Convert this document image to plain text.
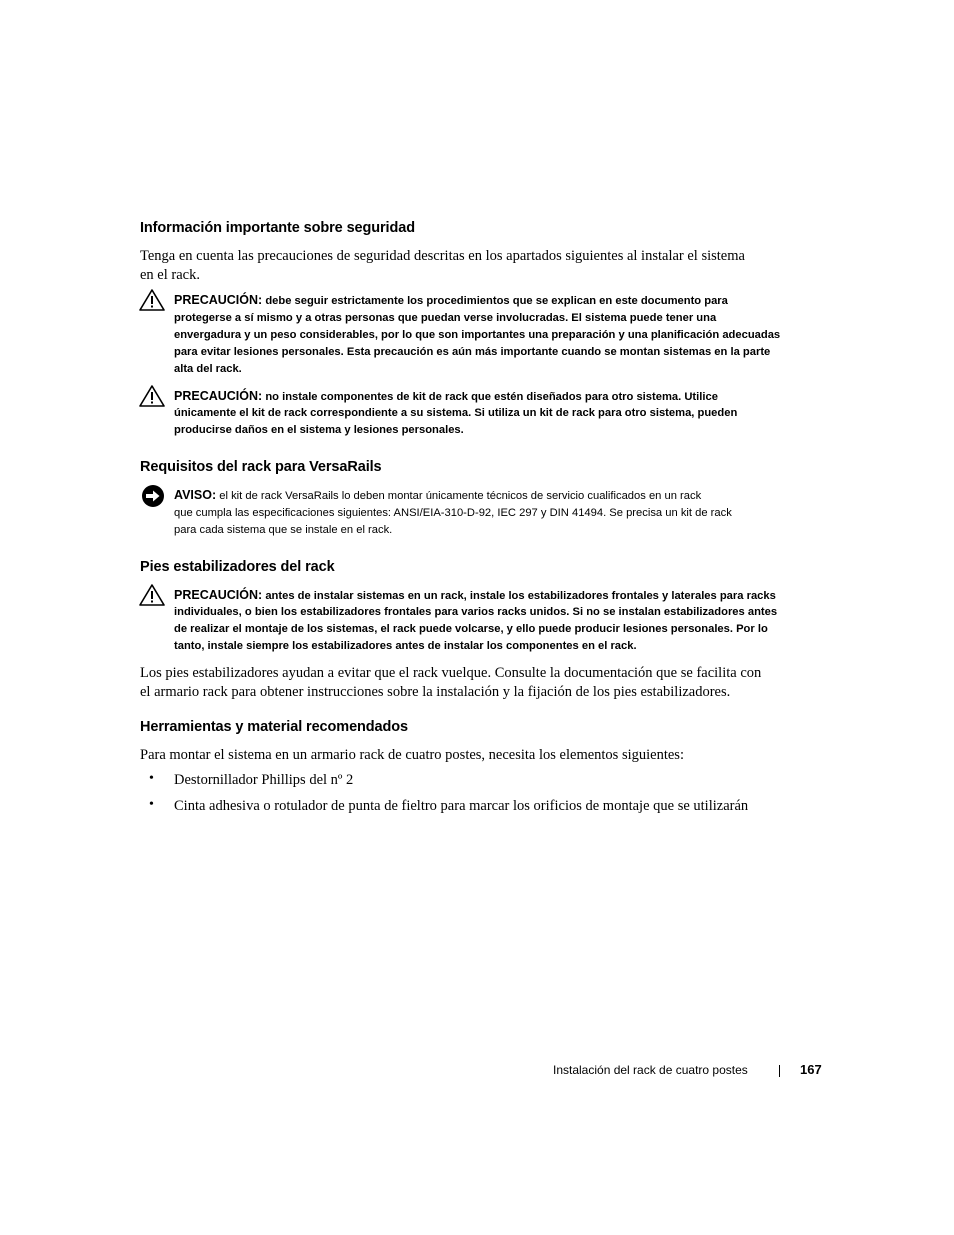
Información importante sobre seguridad
Tenga en cuenta las precauciones de seguridad descritas en los apartados siguientes al instalar el sistema
en el rack.
PRECAUCIÓN: debe seguir estrictamente los procedimientos que se explican en este documento para
protegerse a sí mismo y a otras personas que puedan verse involucradas. El sistema puede tener una
envergadura y un peso considerables, por lo que son importantes una preparación y una planificación adecuadas
para evitar lesiones personales. Esta precaución es aún más importante cuando se montan sistemas en la parte
alta del rack.
PRECAUCIÓN: no instale componentes de kit de rack que estén diseñados para otro sistema. Utilice
únicamente el kit de rack correspondiente a su sistema. Si utiliza un kit de rack para otro sistema, pueden
producirse daños en el sistema y lesiones personales.
Requisitos del rack para VersaRails
AVISO: el kit de rack VersaRails lo deben montar únicamente técnicos de servicio cualificados en un rack
que cumpla las especificaciones siguientes: ANSI/EIA-310-D-92, IEC 297 y DIN 41494. Se precisa un kit de rack
para cada sistema que se instale en el rack.
Pies estabilizadores del rack
PRECAUCIÓN: antes de instalar sistemas en un rack, instale los estabilizadores frontales y laterales para racks
individuales, o bien los estabilizadores frontales para varios racks unidos. Si no se instalan estabilizadores antes
de realizar el montaje de los sistemas, el rack puede volcarse, y ello puede producir lesiones personales. Por lo
tanto, instale siempre los estabilizadores antes de instalar los componentes en el rack.
Los pies estabilizadores ayudan a evitar que el rack vuelque. Consulte la documentación que se facilita con
el armario rack para obtener instrucciones sobre la instalación y la fijación de los pies estabilizadores.
Herramientas y material recomendados
Para montar el sistema en un armario rack de cuatro postes, necesita los elementos siguientes:
• Destornillador Phillips del nº 2
• Cinta adhesiva o rotulador de punta de fieltro para marcar los orificios de montaje que se utilizarán
Instalación del rack de cuatro postes	167
